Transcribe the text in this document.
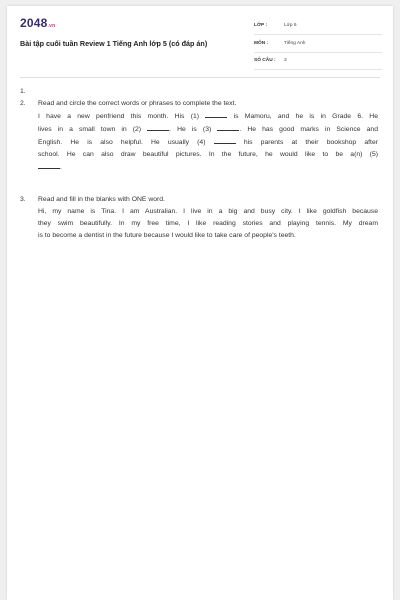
2048.vn
Bài tập cuối tuần Review 1 Tiếng Anh lớp 5 (có đáp án)
LỚP :	Lớp 5
MÔN :	Tiếng Anh
SỐ CÂU : 3
1.
2. Read and circle the correct words or phrases to complete the text.

I have a new penfriend this month. His (1)	is Mamoru, and he is in Grade 6. He

lives in a small town in (2)	. He is (3)	. He has good marks in Science and

English. He is also helpful. He usually (4)	his parents at their bookshop after

school. He can also draw beautiful pictures. In the future, he would like to be a(n) (5)

.

3. Read and fill in the blanks with ONE word.

Hi, my name is Tina. I am Australian. I live in a big and busy city. I like goldfish because

they swim beautifully. In my free time, I like reading stories and playing tennis. My dream

is to become a dentist in the future because I would like to take care of people's teeth.
